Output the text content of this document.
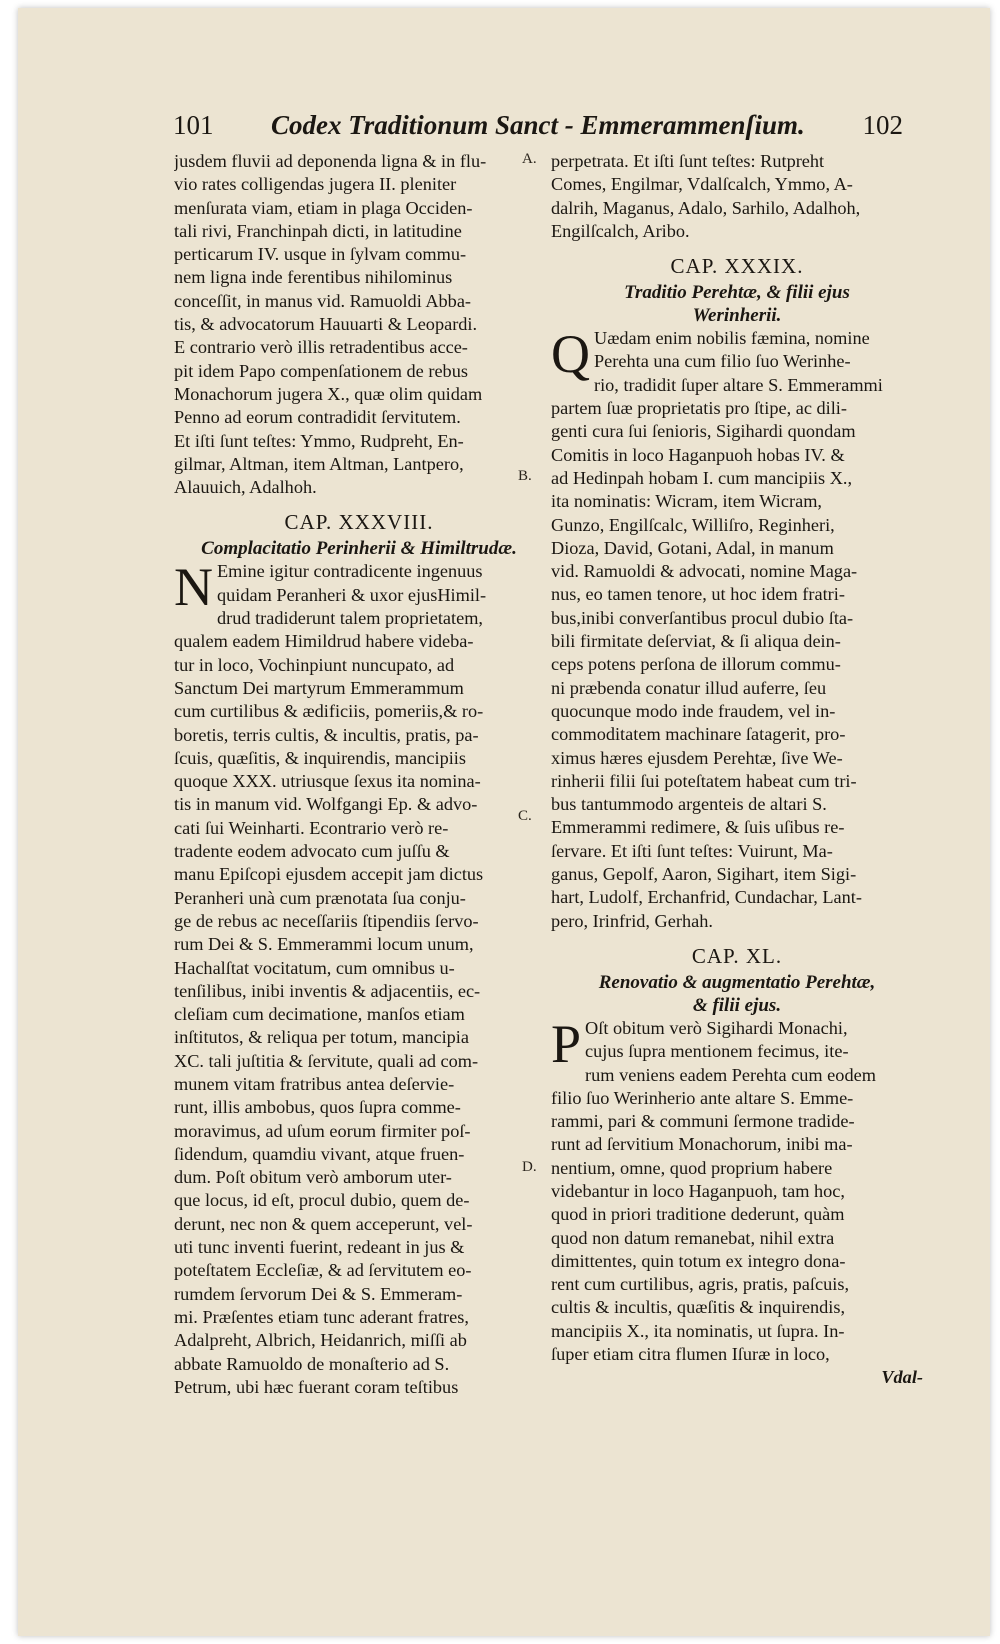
101 Codex Traditionum Sanct - Emmerammenſium. 102
jusdem fluvii ad deponenda ligna & in flu-
vio rates colligendas jugera II. pleniter
menſurata viam, etiam in plaga Occiden-
tali rivi, Franchinpah dicti, in latitudine
perticarum IV. usque in ſylvam commu-
nem ligna inde ferentibus nihilominus
conceſſit, in manus vid. Ramuoldi Abba-
tis, & advocatorum Hauuarti & Leopardi.
E contrario verò illis retradentibus acce-
pit idem Papo compenſationem de rebus
Monachorum jugera X., quæ olim quidam
Penno ad eorum contradidit ſervitutem.
Et iſti ſunt teſtes: Ymmo, Rudpreht, En-
gilmar, Altman, item Altman, Lantpero,
Alauuich, Adalhoh.
CAP. XXXVIII.
Complacitatio Perinherii & Himiltrudæ.
N Emine igitur contradicente ingenuus
quidam Peranheri & uxor ejusHimil-
drud tradiderunt talem proprietatem,
qualem eadem Himildrud habere videba-
tur in loco, Vochinpiunt nuncupato, ad
Sanctum Dei martyrum Emmerammum
cum curtilibus & ædificiis, pomeriis,& ro-
boretis, terris cultis, & incultis, pratis, pa-
ſcuis, quæſitis, & inquirendis, mancipiis
quoque XXX. utriusque ſexus ita nomina-
tis in manum vid. Wolfgangi Ep. & advo-
cati ſui Weinharti. Econtrario verò re-
tradente eodem advocato cum juſſu &
manu Epiſcopi ejusdem accepit jam dictus
Peranheri unà cum prænotata ſua conju-
ge de rebus ac neceſſariis ſtipendiis ſervo-
rum Dei & S. Emmerammi locum unum,
Hachalſtat vocitatum, cum omnibus u-
tenſilibus, inibi inventis & adjacentiis, ec-
cleſiam cum decimatione, manſos etiam
inſtitutos, & reliqua per totum, mancipia
XC. tali juſtitia & ſervitute, quali ad com-
munem vitam fratribus antea deſervie-
runt, illis ambobus, quos ſupra comme-
moravimus, ad uſum eorum firmiter poſ-
ſidendum, quamdiu vivant, atque fruen-
dum. Poſt obitum verò amborum uter-
que locus, id eſt, procul dubio, quem de-
derunt, nec non & quem acceperunt, vel-
uti tunc inventi fuerint, redeant in jus &
poteſtatem Eccleſiæ, & ad ſervitutem eo-
rumdem ſervorum Dei & S. Emmeram-
mi. Præſentes etiam tunc aderant fratres,
Adalpreht, Albrich, Heidanrich, miſſi ab
abbate Ramuoldo de monaſterio ad S.
Petrum, ubi hæc fuerant coram teſtibus
perpetrata. Et iſti ſunt teſtes: Rutpreht
Comes, Engilmar, Vdalſcalch, Ymmo, A-
dalrih, Maganus, Adalo, Sarhilo, Adalhoh,
Engilſcalch, Aribo.
CAP. XXXIX.
Traditio Perehtæ, & filii ejus
Werinherii.
Q Uædam enim nobilis fæmina, nomine
Perehta una cum filio ſuo Werinhe-
rio, tradidit ſuper altare S. Emmerammi
partem ſuæ proprietatis pro ſtipe, ac dili-
genti cura ſui ſenioris, Sigihardi quondam
Comitis in loco Haganpuoh hobas IV. &
ad Hedinpah hobam I. cum mancipiis X.,
ita nominatis: Wicram, item Wicram,
Gunzo, Engilſcalc, Williſro, Reginheri,
Dioza, David, Gotani, Adal, in manum
vid. Ramuoldi & advocati, nomine Maga-
nus, eo tamen tenore, ut hoc idem fratri-
bus,inibi converſantibus procul dubio ſta-
bili firmitate deſerviat, & ſi aliqua dein-
ceps potens perſona de illorum commu-
ni præbenda conatur illud auferre, ſeu
quocunque modo inde fraudem, vel in-
commoditatem machinare ſatagerit, pro-
ximus hæres ejusdem Perehtæ, ſive We-
rinherii filii ſui poteſtatem habeat cum tri-
bus tantummodo argenteis de altari S.
Emmerammi redimere, & ſuis uſibus re-
ſervare. Et iſti ſunt teſtes: Vuirunt, Ma-
ganus, Gepolf, Aaron, Sigihart, item Sigi-
hart, Ludolf, Erchanfrid, Cundachar, Lant-
pero, Irinfrid, Gerhah.
CAP. XL.
Renovatio & augmentatio Perehtæ,
& filii ejus.
P Oſt obitum verò Sigihardi Monachi,
cujus ſupra mentionem fecimus, ite-
rum veniens eadem Perehta cum eodem
filio ſuo Werinherio ante altare S. Emme-
rammi, pari & communi ſermone tradide-
runt ad ſervitium Monachorum, inibi ma-
nentium, omne, quod proprium habere
videbantur in loco Haganpuoh, tam hoc,
quod in priori traditione dederunt, quàm
quod non datum remanebat, nihil extra
dimittentes, quin totum ex integro dona-
rent cum curtilibus, agris, pratis, paſcuis,
cultis & incultis, quæſitis & inquirendis,
mancipiis X., ita nominatis, ut ſupra. In-
ſuper etiam citra flumen Iſuræ in loco,
Vdal-
A.
B.
C.
D.
